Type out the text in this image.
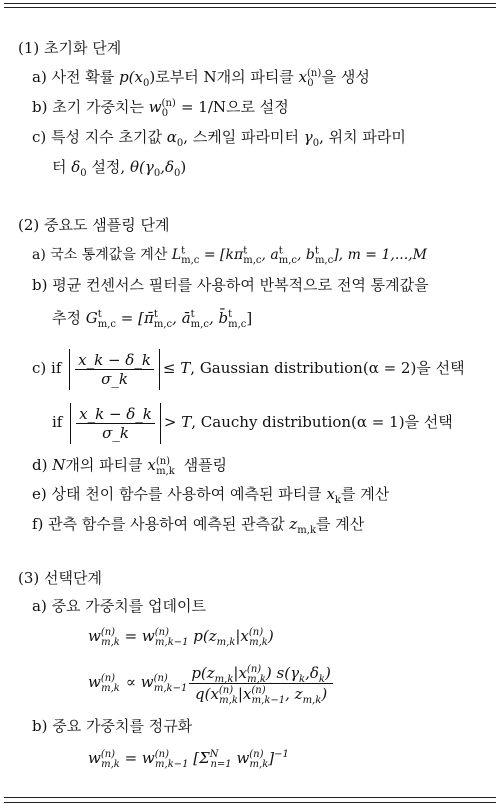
(1) 초기화 단계
a) 사전 확률 $p(x_0)$로부터 N개의 파티클 $x^{(n)}_0$ 을 생성
b) 초기 가중치는 $w^{(n)}_0 = 1/N$으로 설정
c) 특성 지수 초기값 $\alpha_0$, 스케일 파라미터 $\gamma_0$, 위치 파라미
터 $\delta_0$ 설정, $\theta(\gamma_0,\delta_0)$
(2) 중요도 샘플링 단계
a) 국소 통계값을 계산 $L^t_{m,c} = [k\pi^t_{m,c}$, $a^t_{m,c}$, $b^t_{m,c}$], m = 1,...,M
b) 평균 컨센서스 필터를 사용하여 반복적으로 전역 통계값을
추정 $G^t_{m,c}$ = [π̄$^t_{m,c}$, $ā^t_{m,c}$, b̄$^t_{m,c}$]
c) if $\frac{x\_k - \delta\_k}{\sigma\_k} \le T$, Gaussian distribution(α = 2)을 선택
if $\frac{x\_k - \delta\_k}{\sigma\_k} > T$, Cauchy distribution(α = 1)을 선택
d) N개의 파티클 $x^{(n)}_{m,k}$ 샘플링
e) 상태 천이 함수를 사용하여 예측된 파티클 $x_k$를 계산
f) 관측 함수를 사용하여 예측된 관측값 $z_{m,k}$를 계산
(3) 선택단계
a) 중요 가중치를 업데이트
$w^{(n)}_{m,k} = w^{(n)}_{m,k-1}$ $p(z_{m,k}|x^{(n)}_{m,k})$
$w^{(n)}_{m,k} \propto w^{(n)}_{m,k-1} \frac{p(z_{m,k}|x^{(n)}_{m,k}) s(\gamma_k,\delta_k)}{q(x^{(n)}_{m,k}|x^{(n)}_{m,k-1}, z_{m,k})}$
b) 중요 가중치를 정규화
$w^{(n)}_{m,k} = w^{(n)}_{m,k-1}$ [$\Sigma^N_{n=1}$ $w^{(n)}_{m,k}]^{-1}$
